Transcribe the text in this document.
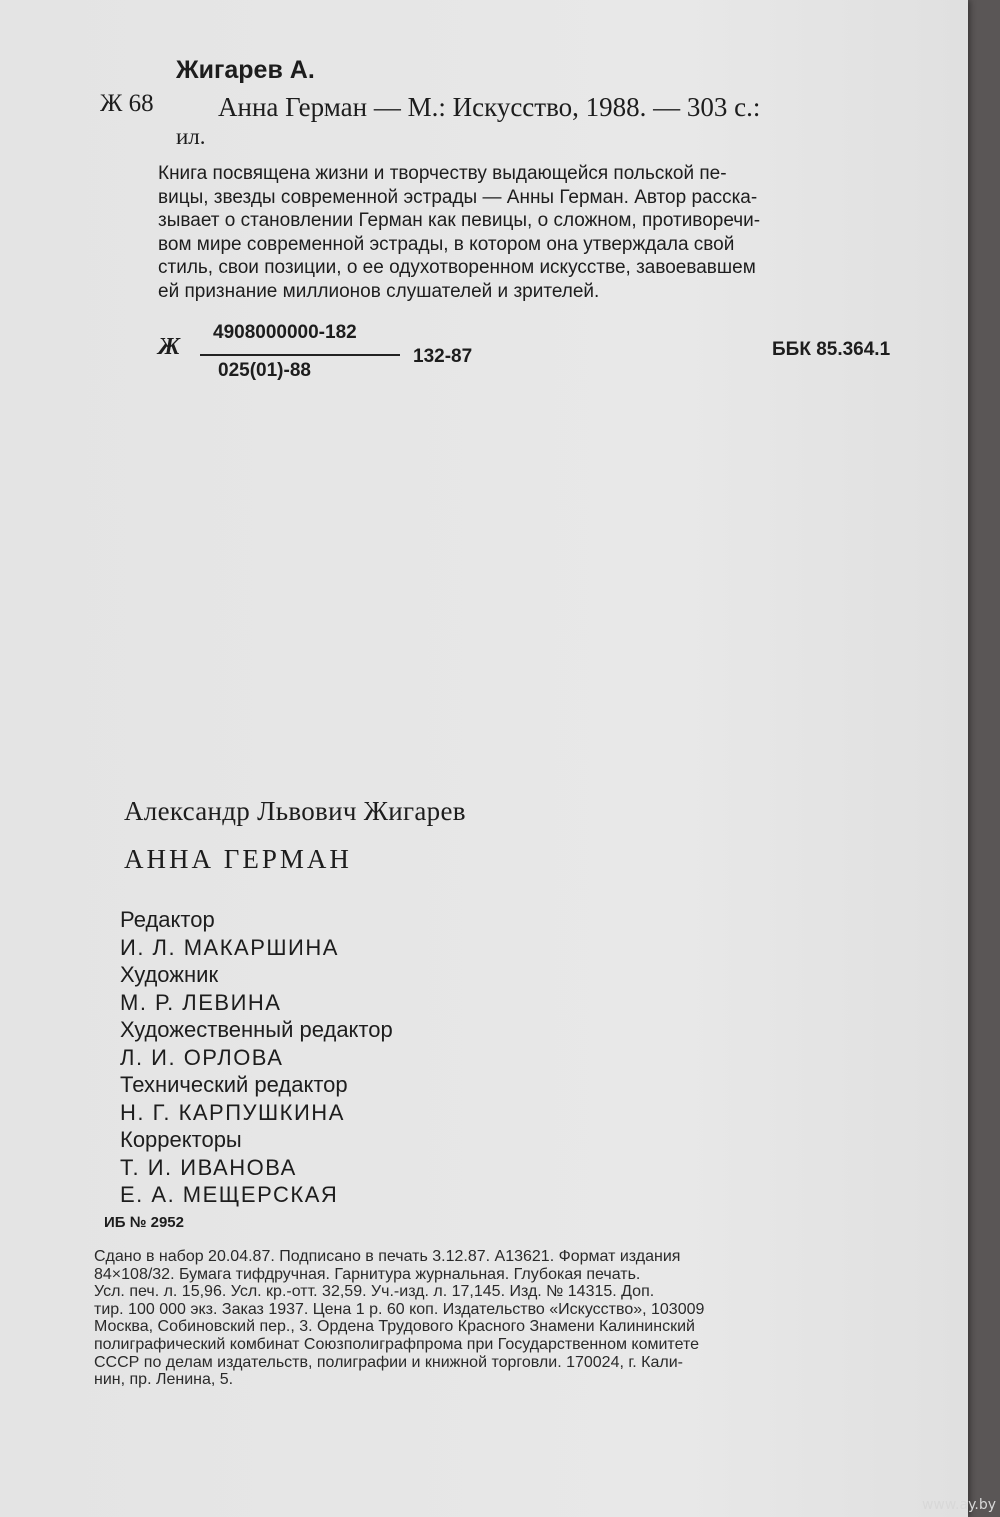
Жигарев А.
Ж 68 Анна Герман — М.: Искусство, 1988. — 303 с.:
ил.
Книга посвящена жизни и творчеству выдающейся польской пе-
вицы, звезды современной эстрады — Анны Герман. Автор расска-
зывает о становлении Герман как певицы, о сложном, противоречи-
вом мире современной эстрады, в котором она утверждала свой
стиль, свои позиции, о ее одухотворенном искусстве, завоевавшем
ей признание миллионов слушателей и зрителей.
Ж
4908000000-182
025(01)-88
132-87	ББК 85.364.1
Александр Львович Жигарев
АННА ГЕРМАН
Редактор
И. Л. МАКАРШИНА
Художник
М. Р. ЛЕВИНА
Художественный редактор
Л. И. ОРЛОВА
Технический редактор
Н. Г. КАРПУШКИНА
Корректоры
Т. И. ИВАНОВА
Е. А. МЕЩЕРСКАЯ
ИБ № 2952
Сдано в набор 20.04.87. Подписано в печать 3.12.87. А13621. Формат издания
84×108/32. Бумага тифдручная. Гарнитура журнальная. Глубокая печать.
Усл. печ. л. 15,96. Усл. кр.-отт. 32,59. Уч.-изд. л. 17,145. Изд. № 14315. Доп.
тир. 100 000 экз. Заказ 1937. Цена 1 р. 60 коп. Издательство «Искусство», 103009
Москва, Собиновский пер., 3. Ордена Трудового Красного Знамени Калининский
полиграфический комбинат Союзполиграфпрома при Государственном комитете
СССР по делам издательств, полиграфии и книжной торговли. 170024, г. Кали-
нин, пр. Ленина, 5.
www.ay.by
